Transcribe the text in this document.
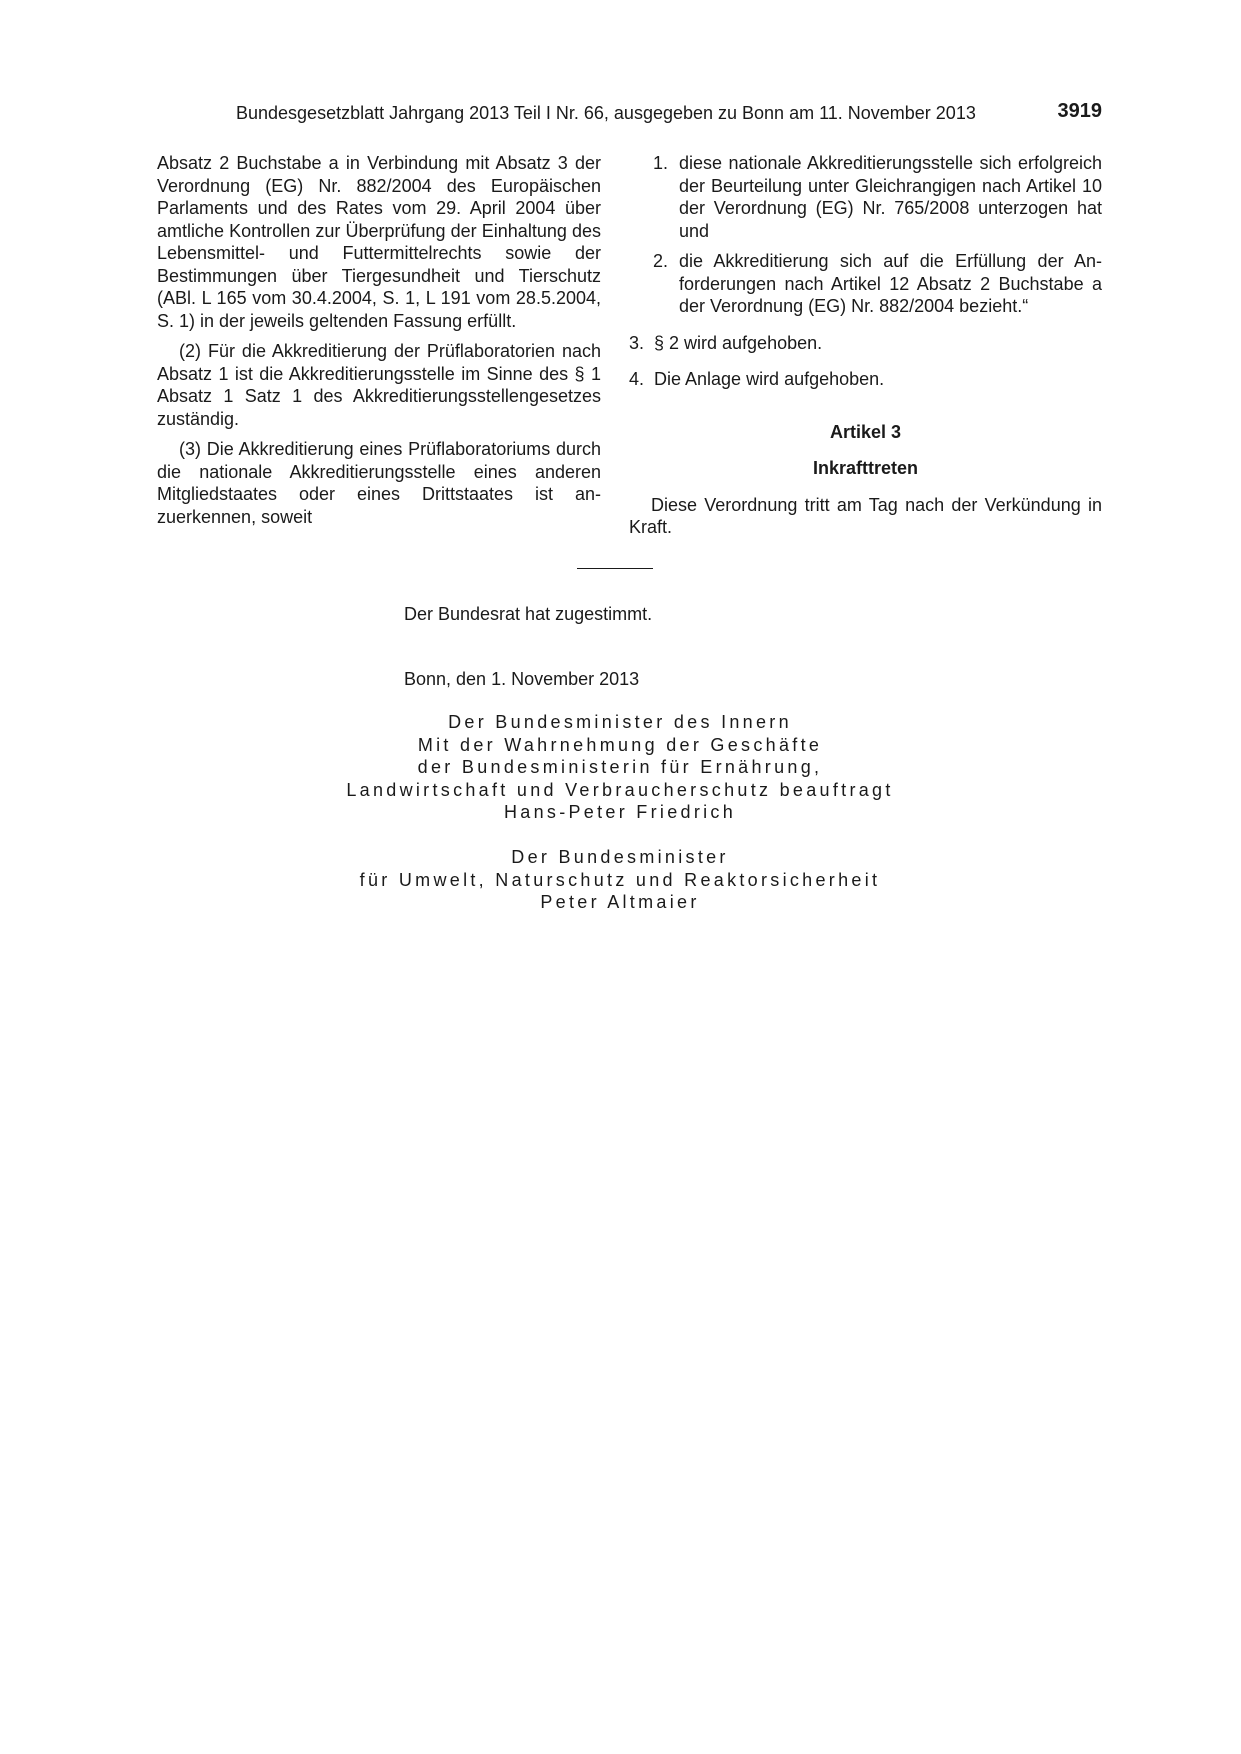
Bundesgesetzblatt Jahrgang 2013 Teil I Nr. 66, ausgegeben zu Bonn am 11. November 2013	3919

Absatz 2 Buchstabe a in Verbindung mit Absatz 3 der Verordnung (EG) Nr. 882/2004 des Europäischen Parlaments und des Rates vom 29. April 2004 über amtliche Kontrollen zur Überprüfung der Einhaltung des Lebensmittel- und Futtermittelrechts sowie der Bestimmungen über Tiergesundheit und Tierschutz (ABl. L 165 vom 30.4.2004, S. 1, L 191 vom 28.5.2004, S. 1) in der jeweils geltenden Fassung erfüllt.

(2) Für die Akkreditierung der Prüflaboratorien nach Absatz 1 ist die Akkreditierungsstelle im Sinne des § 1 Absatz 1 Satz 1 des Akkreditierungsstellengesetzes zuständig.

(3) Die Akkreditierung eines Prüflaboratoriums durch die nationale Akkreditierungsstelle eines anderen Mitgliedstaates oder eines Drittstaates ist anzuerkennen, soweit

1. diese nationale Akkreditierungsstelle sich erfolgreich der Beurteilung unter Gleichrangigen nach Artikel 10 der Verordnung (EG) Nr. 765/2008 unterzogen hat und

2. die Akkreditierung sich auf die Erfüllung der Anforderungen nach Artikel 12 Absatz 2 Buchstabe a der Verordnung (EG) Nr. 882/2004 bezieht.“

3. § 2 wird aufgehoben.

4. Die Anlage wird aufgehoben.

Artikel 3

Inkrafttreten

Diese Verordnung tritt am Tag nach der Verkündung in Kraft.

Der Bundesrat hat zugestimmt.
Bonn, den 1. November 2013
Der Bundesminister des Innern
Mit der Wahrnehmung der Geschäfte
der Bundesministerin für Ernährung,
Landwirtschaft und Verbraucherschutz beauftragt
Hans-Peter Friedrich
Der Bundesminister
für Umwelt, Naturschutz und Reaktorsicherheit
Peter Altmaier
